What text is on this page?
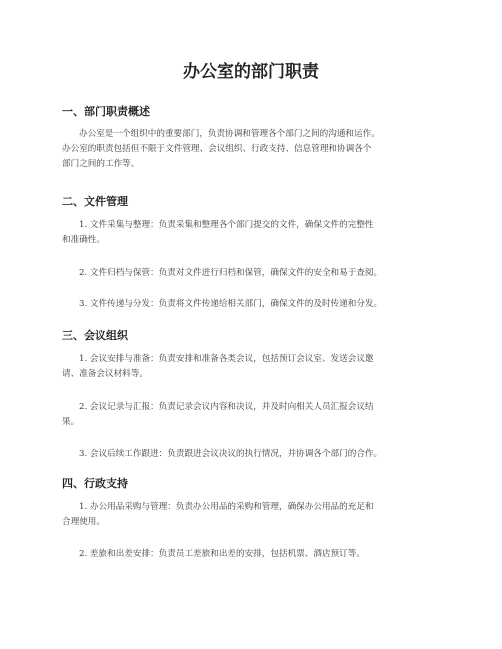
办公室的部门职责
一、部门职责概述
办公室是一个组织中的重要部门，负责协调和管理各个部门之间的沟通和运作。
办公室的职责包括但不限于文件管理、会议组织、行政支持、信息管理和协调各个
部门之间的工作等。
二、文件管理
1. 文件采集与整理：负责采集和整理各个部门提交的文件，确保文件的完整性
和准确性。
2. 文件归档与保管：负责对文件进行归档和保管，确保文件的安全和易于查阅。
3. 文件传递与分发：负责将文件传递给相关部门，确保文件的及时传递和分发。
三、会议组织
1. 会议安排与准备：负责安排和准备各类会议，包括预订会议室、发送会议邀
请、准备会议材料等。
2. 会议记录与汇报：负责记录会议内容和决议，并及时向相关人员汇报会议结
果。
3. 会议后续工作跟进：负责跟进会议决议的执行情况，并协调各个部门的合作。
四、行政支持
1. 办公用品采购与管理：负责办公用品的采购和管理，确保办公用品的充足和
合理使用。
2. 差旅和出差安排：负责员工差旅和出差的安排，包括机票、酒店预订等。
